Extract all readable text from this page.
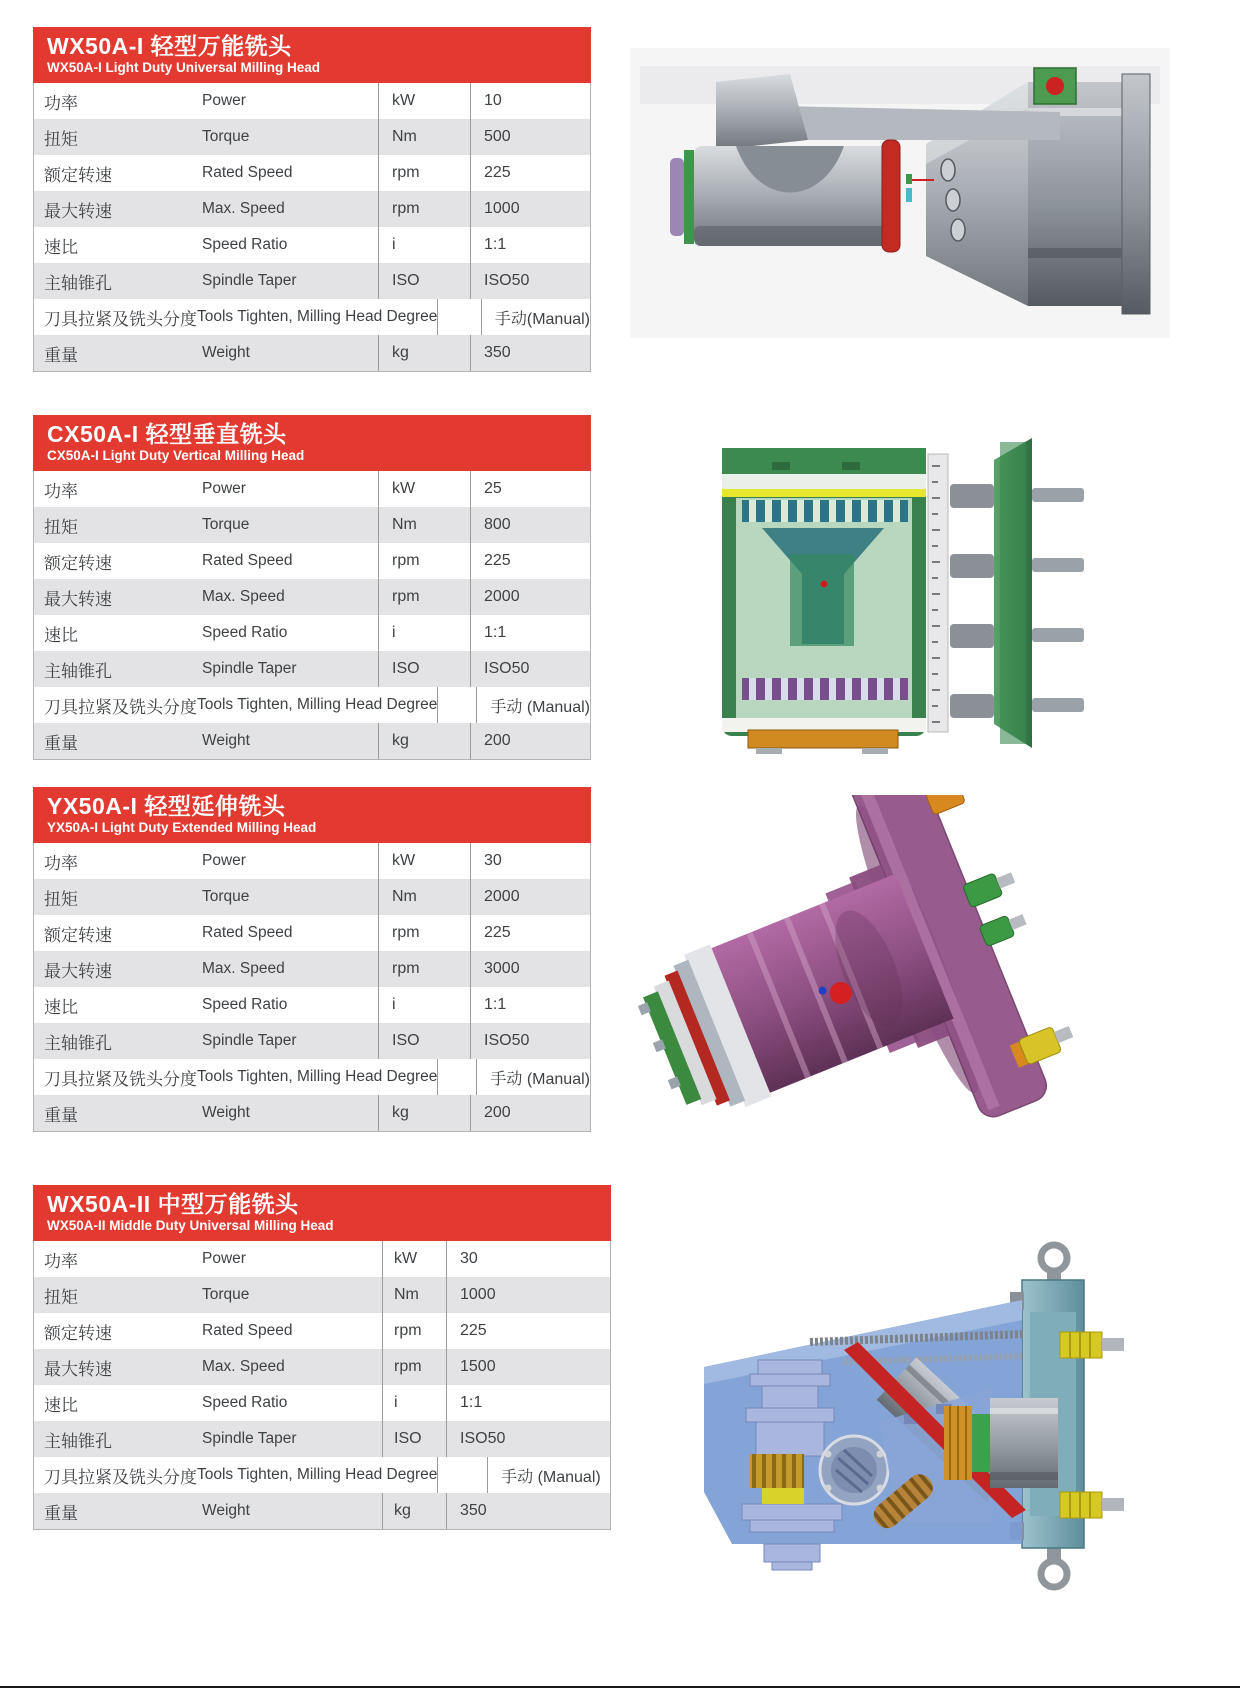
WX50A-I 轻型万能铣头
WX50A-I Light Duty Universal Milling Head
功率	Power	kW	10
扭矩	Torque	Nm	500
额定转速	Rated Speed	rpm	225
最大转速	Max. Speed	rpm	1000
速比	Speed Ratio	i	1:1
主轴锥孔	Spindle Taper	ISO	ISO50
刀具拉紧及铣头分度 Tools Tighten, Milling Head Degree	手动(Manual)
重量	Weight	kg	350
CX50A-I 轻型垂直铣头
CX50A-I Light Duty Vertical Milling Head
功率	Power	kW	25
扭矩	Torque	Nm	800
额定转速	Rated Speed	rpm	225
最大转速	Max. Speed	rpm	2000
速比	Speed Ratio	i	1:1
主轴锥孔	Spindle Taper	ISO	ISO50
刀具拉紧及铣头分度 Tools Tighten, Milling Head Degree	手动 (Manual)
重量	Weight	kg	200
YX50A-I 轻型延伸铣头
YX50A-I Light Duty Extended Milling Head
功率	Power	kW	30
扭矩	Torque	Nm	2000
额定转速	Rated Speed	rpm	225
最大转速	Max. Speed	rpm	3000
速比	Speed Ratio	i	1:1
主轴锥孔	Spindle Taper	ISO	ISO50
刀具拉紧及铣头分度 Tools Tighten, Milling Head Degree	手动 (Manual)
重量	Weight	kg	200
WX50A-II 中型万能铣头
WX50A-II Middle Duty Universal Milling Head
功率	Power	kW	30
扭矩	Torque	Nm	1000
额定转速	Rated Speed	rpm	225
最大转速	Max. Speed	rpm	1500
速比	Speed Ratio	i	1:1
主轴锥孔	Spindle Taper	ISO	ISO50
刀具拉紧及铣头分度 Tools Tighten, Milling Head Degree	手动 (Manual)
重量	Weight	kg	350
